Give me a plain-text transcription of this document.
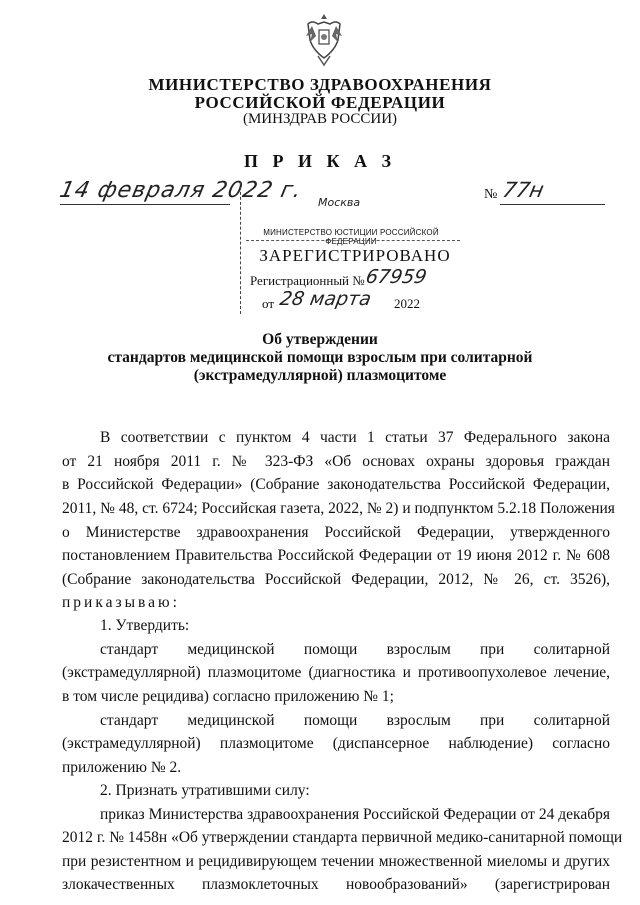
МИНИСТЕРСТВО ЗДРАВООХРАНЕНИЯ
РОССИЙСКОЙ ФЕДЕРАЦИИ
(МИНЗДРАВ РОССИИ)
П Р И К А З
14 февраля 2022 г.	№ 77н
Москва
МИНИСТЕРСТВО ЮСТИЦИИ РОССИЙСКОЙ ФЕДЕРАЦИИ
ЗАРЕГИСТРИРОВАНО
Регистрационный № 67959
от 28 марта 2022
Об утверждении
стандартов медицинской помощи взрослым при солитарной
(экстрамедуллярной) плазмоцитоме
В соответствии с пунктом 4 части 1 статьи 37 Федерального закона
от 21 ноября 2011 г. № 323-ФЗ «Об основах охраны здоровья граждан
в Российской Федерации» (Собрание законодательства Российской Федерации,
2011, № 48, ст. 6724; Российская газета, 2022, № 2) и подпунктом 5.2.18 Положения
о Министерстве здравоохранения Российской Федерации, утвержденного
постановлением Правительства Российской Федерации от 19 июня 2012 г. № 608
(Собрание законодательства Российской Федерации, 2012, № 26, ст. 3526),
приказываю:
1. Утвердить:
стандарт медицинской помощи взрослым при солитарной
(экстрамедуллярной) плазмоцитоме (диагностика и противоопухолевое лечение,
в том числе рецидива) согласно приложению № 1;
стандарт медицинской помощи взрослым при солитарной
(экстрамедуллярной) плазмоцитоме (диспансерное наблюдение) согласно
приложению № 2.
2. Признать утратившими силу:
приказ Министерства здравоохранения Российской Федерации от 24 декабря
2012 г. № 1458н «Об утверждении стандарта первичной медико-санитарной помощи
при резистентном и рецидивирующем течении множественной миеломы и других
злокачественных плазмоклеточных новообразований» (зарегистрирован
